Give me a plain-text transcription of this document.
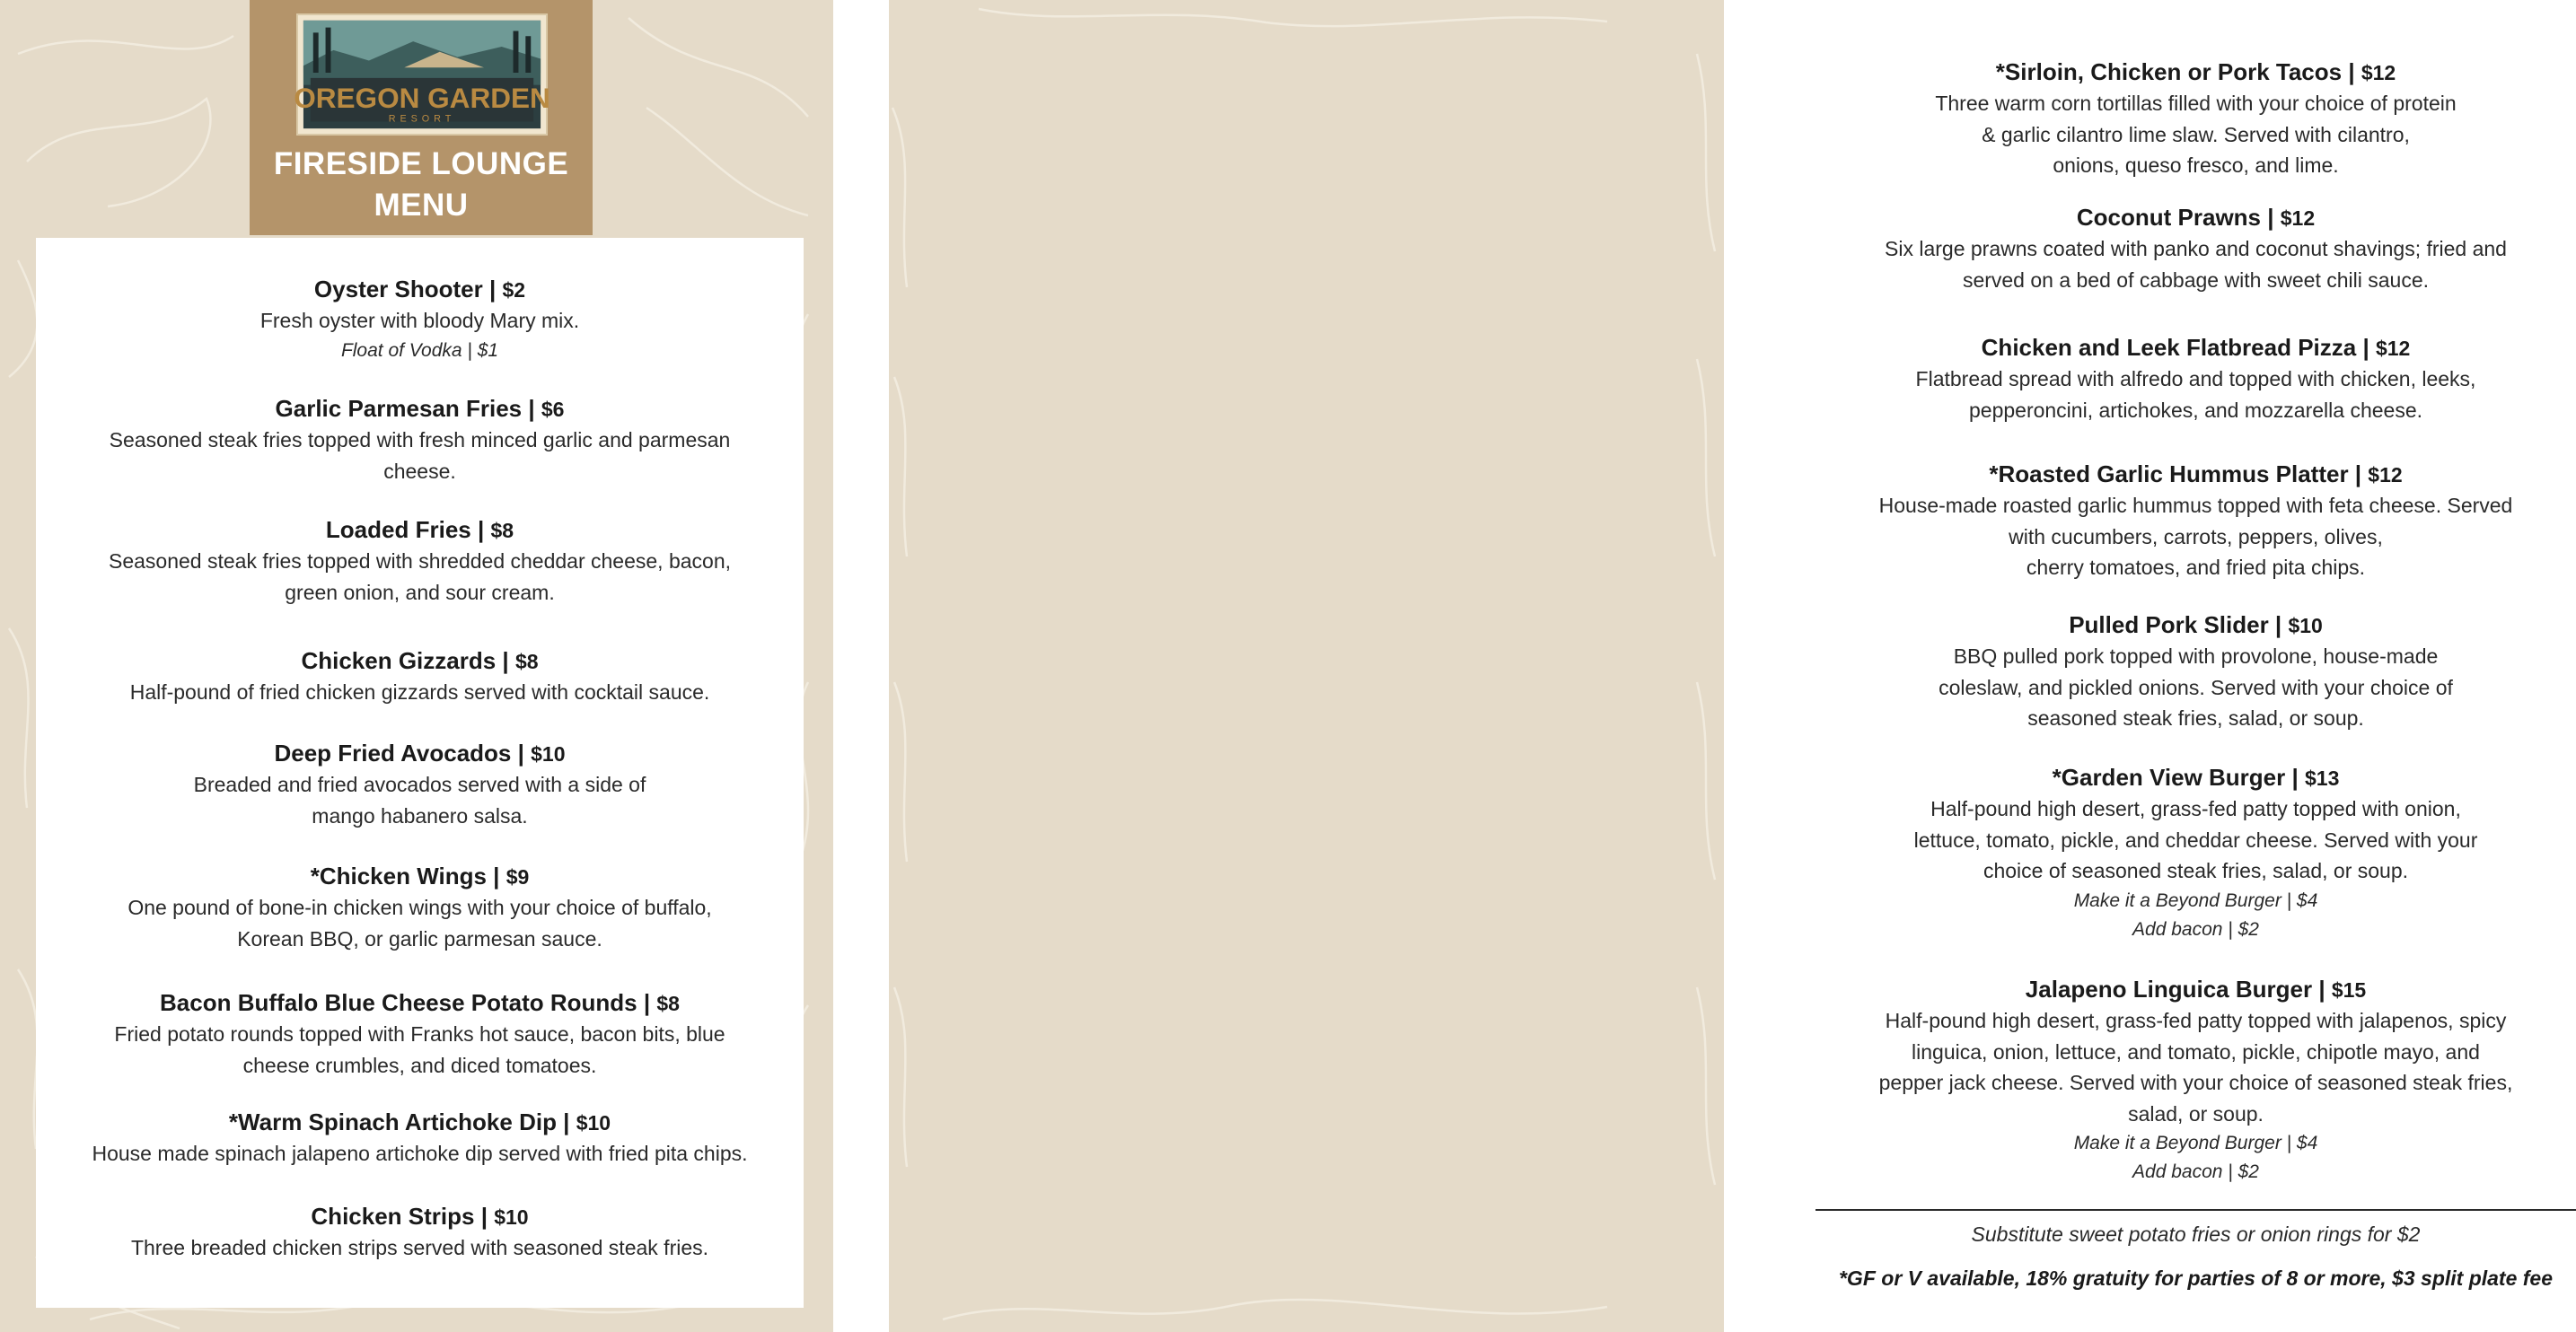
OREGON GARDEN
RESORT
FIRESIDE LOUNGE
MENU
Oyster Shooter | $2
Fresh oyster with bloody Mary mix.
Float of Vodka | $1
Garlic Parmesan Fries | $6
Seasoned steak fries topped with fresh minced garlic and parmesan
cheese.
Loaded Fries | $8
Seasoned steak fries topped with shredded cheddar cheese, bacon,
green onion, and sour cream.
Chicken Gizzards | $8
Half-pound of fried chicken gizzards served with cocktail sauce.
Deep Fried Avocados | $10
Breaded and fried avocados served with a side of
mango habanero salsa.
*Chicken Wings | $9
One pound of bone-in chicken wings with your choice of buffalo,
Korean BBQ, or garlic parmesan sauce.
Bacon Buffalo Blue Cheese Potato Rounds | $8
Fried potato rounds topped with Franks hot sauce, bacon bits, blue
cheese crumbles, and diced tomatoes.
*Warm Spinach Artichoke Dip | $10
House made spinach jalapeno artichoke dip served with fried pita chips.
Chicken Strips | $10
Three breaded chicken strips served with seasoned steak fries.
*Sirloin, Chicken or Pork Tacos | $12
Three warm corn tortillas filled with your choice of protein
& garlic cilantro lime slaw. Served with cilantro,
onions, queso fresco, and lime.
Coconut Prawns | $12
Six large prawns coated with panko and coconut shavings; fried and
served on a bed of cabbage with sweet chili sauce.
Chicken and Leek Flatbread Pizza | $12
Flatbread spread with alfredo and topped with chicken, leeks,
pepperoncini, artichokes, and mozzarella cheese.
*Roasted Garlic Hummus Platter | $12
House-made roasted garlic hummus topped with feta cheese. Served
with cucumbers, carrots, peppers, olives,
cherry tomatoes, and fried pita chips.
Pulled Pork Slider | $10
BBQ pulled pork topped with provolone, house-made
coleslaw, and pickled onions. Served with your choice of
seasoned steak fries, salad, or soup.
*Garden View Burger | $13
Half-pound high desert, grass-fed patty topped with onion,
lettuce, tomato, pickle, and cheddar cheese. Served with your
choice of seasoned steak fries, salad, or soup.
Make it a Beyond Burger | $4
Add bacon | $2
Jalapeno Linguica Burger | $15
Half-pound high desert, grass-fed patty topped with jalapenos, spicy
linguica, onion, lettuce, and tomato, pickle, chipotle mayo, and
pepper jack cheese. Served with your choice of seasoned steak fries,
salad, or soup.
Make it a Beyond Burger | $4
Add bacon | $2
Substitute sweet potato fries or onion rings for $2
*GF or V available, 18% gratuity for parties of 8 or more, $3 split plate fee
